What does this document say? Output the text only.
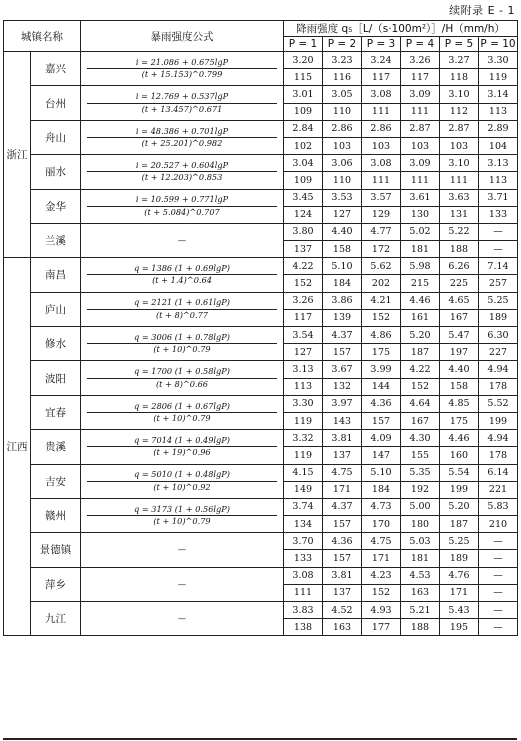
续附录 E - 1
城镇名称		暴雨强度公式	降雨强度 q₅［L/（s·100m²）］/H（mm/h）					
			P = 1	P = 2	P = 3	P = 4	P = 5	P = 10
浙江	嘉兴	i = 21.086 + 0.675lgP
(t + 15.153)^0.799	3.20	3.23	3.24	3.26	3.27	3.30
			115	116	117	117	118	119
	台州	i = 12.769 + 0.537lgP
(t + 13.457)^0.671	3.01	3.05	3.08	3.09	3.10	3.14
			109	110	111	111	112	113
	舟山	i = 48.386 + 0.701lgP
(t + 25.201)^0.982	2.84	2.86	2.86	2.87	2.87	2.89
			102	103	103	103	103	104
	丽水	i = 20.527 + 0.604lgP
(t + 12.203)^0.853	3.04	3.06	3.08	3.09	3.10	3.13
			109	110	111	111	111	113
	金华	i = 10.599 + 0.771lgP
(t + 5.084)^0.707	3.45	3.53	3.57	3.61	3.63	3.71
			124	127	129	130	131	133
	兰溪	—	3.80	4.40	4.77	5.02	5.22	—
			137	158	172	181	188	—
江西	南昌	q = 1386 (1 + 0.69lgP)
(t + 1.4)^0.64	4.22	5.10	5.62	5.98	6.26	7.14
			152	184	202	215	225	257
	庐山	q = 2121 (1 + 0.61lgP)
(t + 8)^0.77	3.26	3.86	4.21	4.46	4.65	5.25
			117	139	152	161	167	189
	修水	q = 3006 (1 + 0.78lgP)
(t + 10)^0.79	3.54	4.37	4.86	5.20	5.47	6.30
			127	157	175	187	197	227
	波阳	q = 1700 (1 + 0.58lgP)
(t + 8)^0.66	3.13	3.67	3.99	4.22	4.40	4.94
			113	132	144	152	158	178
	宜春	q = 2806 (1 + 0.67lgP)
(t + 10)^0.79	3.30	3.97	4.36	4.64	4.85	5.52
			119	143	157	167	175	199
	贵溪	q = 7014 (1 + 0.49lgP)
(t + 19)^0.96	3.32	3.81	4.09	4.30	4.46	4.94
			119	137	147	155	160	178
	吉安	q = 5010 (1 + 0.48lgP)
(t + 10)^0.92	4.15	4.75	5.10	5.35	5.54	6.14
			149	171	184	192	199	221
	赣州	q = 3173 (1 + 0.56lgP)
(t + 10)^0.79	3.74	4.37	4.73	5.00	5.20	5.83
			134	157	170	180	187	210
	景德镇	—	3.70	4.36	4.75	5.03	5.25	—
			133	157	171	181	189	—
	萍乡	—	3.08	3.81	4.23	4.53	4.76	—
			111	137	152	163	171	—
	九江	—	3.83	4.52	4.93	5.21	5.43	—
			138	163	177	188	195	—
